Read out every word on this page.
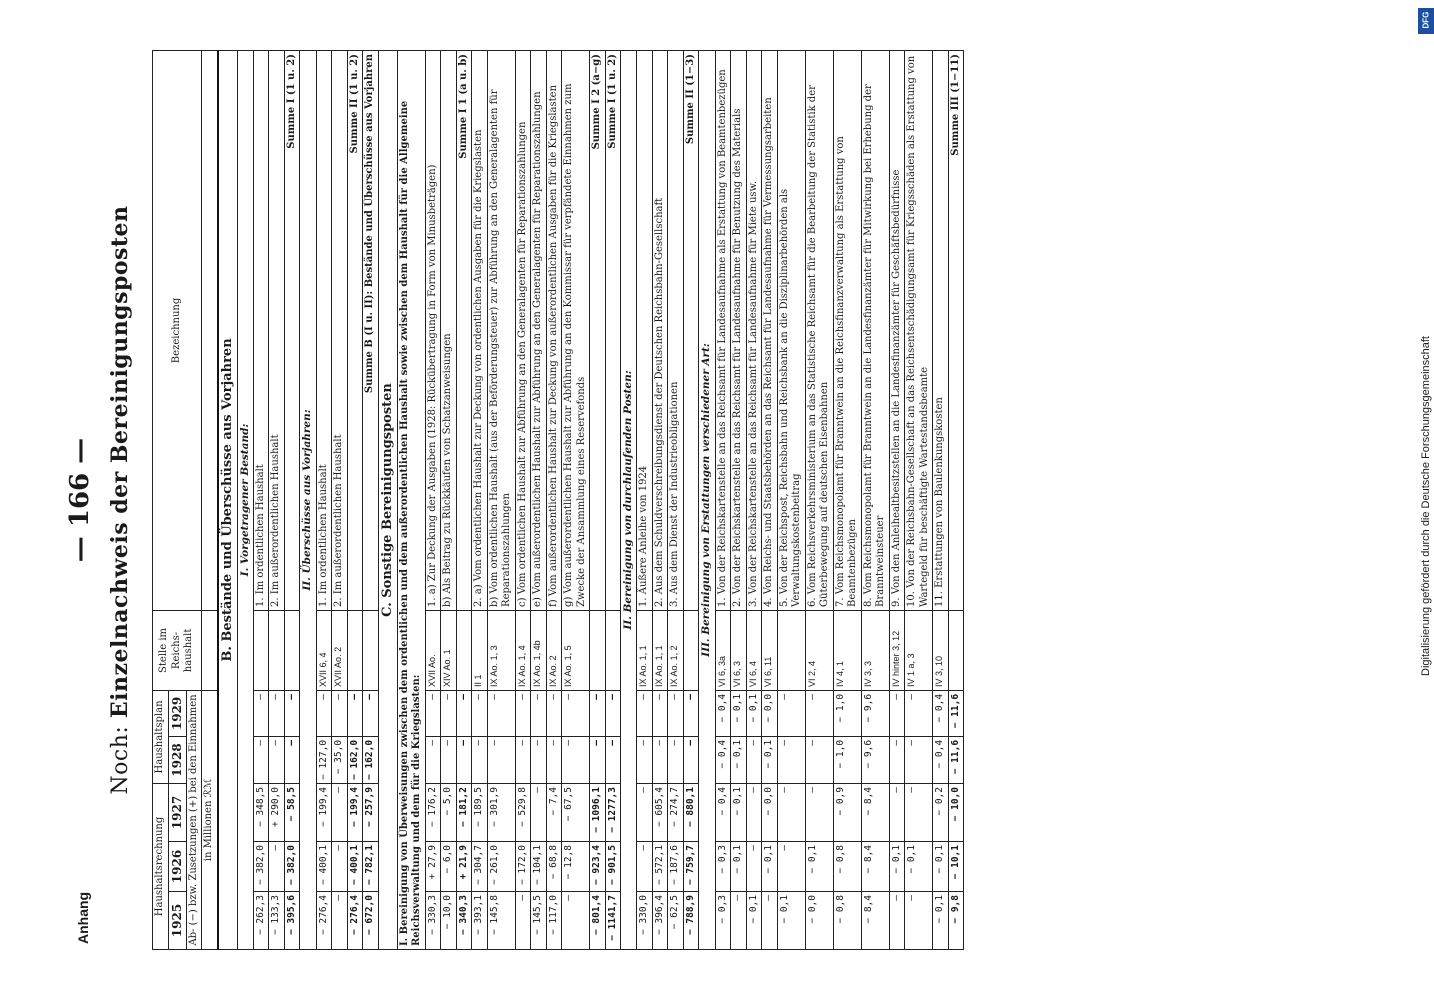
Anhang
— 166 —
Noch: Einzelnachweis der Bereinigungsposten
Haushaltsrechnung			Haushaltsplan		Stelle im Reichs-haushalt	Bezeichnung
1925	1926	1927	1928	1929		
Ab- (−) bzw. Zusetzungen (+) bei den Einnahmen						
in Millionen ℛℳ						
B. Bestände und Überschüsse aus Vorjahren						
I. Vorgetragener Bestand:						
− 262,3	− 382,0	− 348,5	—	—		1. Im ordentlichen Haushalt
− 133,3	—	+ 290,0	—	—		2. Im außerordentlichen Haushalt
− 395,6	− 382,0	− 58,5	—	—		Summe I (1 u. 2)
II. Überschüsse aus Vorjahren:						
− 276,4	− 400,1	− 199,4	− 127,0	—	XVII 6, 4	1. Im ordentlichen Haushalt
—	—	—	− 35,0	—	XVII Ao. 2	2. Im außerordentlichen Haushalt
− 276,4	− 400,1	− 199,4	− 162,0	—		Summe II (1 u. 2)
− 672,0	− 782,1	− 257,9	− 162,0	—		Summe B (I u. II): Bestände und Überschüsse aus Vorjahren
C. Sonstige Bereinigungsposten						
I. Bereinigung von Überweisungen zwischen dem ordentlichen und dem außerordentlichen Haushalt sowie zwischen dem Haushalt für die Allgemeine Reichsverwaltung und dem für die Kriegslasten:						
− 330,3	+ 27,9	− 176,2	—	—	XVII Ao.	1. a) Zur Deckung der Ausgaben (1928: Rückübertragung in Form von Minusbeträgen)
− 10,0	− 6,0	− 5,0	—	—	XIV Ao. 1	b) Als Beitrag zu Rückkäufen von Schatzanweisungen
− 340,3	+ 21,9	− 181,2	—	—		Summe I 1 (a u. b)
− 393,1	− 304,7	− 189,5	—	—	II 1	2. a) Vom ordentlichen Haushalt zur Deckung von ordentlichen Ausgaben für die Kriegslasten
− 145,8	− 261,0	− 301,9	—	—	IX Ao. 1, 3	b) Vom ordentlichen Haushalt (aus der Beförderungsteuer) zur Abführung an den Generalagenten für Reparationszahlungen
—	− 172,0	− 529,8	—	—	IX Ao. 1, 4	c) Vom ordentlichen Haushalt zur Abführung an den Generalagenten für Reparationszahlungen
− 145,5	− 104,1	—	—	—	IX Ao. 1, 4b	e) Vom außerordentlichen Haushalt zur Abführung an den Generalagenten für Reparationszahlungen
− 117,0	− 68,8	− 7,4	—	—	IX Ao. 2	f) Vom außerordentlichen Haushalt zur Deckung von außerordentlichen Ausgaben für die Kriegslasten
—	− 12,8	− 67,5	—	—	IX Ao. 1, 5	g) Vom außerordentlichen Haushalt zur Abführung an den Kommissar für verpfändete Einnahmen zum Zwecke der Ansammlung eines Reservefonds
− 801,4	− 923,4	− 1096,1	—	—		Summe I 2 (a−g)
− 1141,7	− 901,5	− 1277,3	—	—		Summe I (1 u. 2)
II. Bereinigung von durchlaufenden Posten:						
− 330,0	—	—	—	—	IX Ao. 1, 1	1. Äußere Anleihe von 1924
− 396,4	− 572,1	− 605,4	—	—	IX Ao. 1, 1	2. Aus dem Schuldverschreibungsdienst der Deutschen Reichsbahn-Gesellschaft
− 62,5	− 187,6	− 274,7	—	—	IX Ao. 1, 2	3. Aus dem Dienst der Industrieobligationen
− 788,9	− 759,7	− 880,1	—	—		Summe II (1−3)
III. Bereinigung von Erstattungen verschiedener Art:						
− 0,3	− 0,3	− 0,4	− 0,4	− 0,4	VI 6, 3a	1. Von der Reichskartenstelle an das Reichsamt für Landesaufnahme als Erstattung von Beamtenbezügen
—	− 0,1	− 0,1	− 0,1	− 0,1	VI 6, 3	2. Von der Reichskartenstelle an das Reichsamt für Landesaufnahme für Benutzung des Materials
− 0,1	—	—	—	− 0,1	VI 6, 4	3. Von der Reichskartenstelle an das Reichsamt für Landesaufnahme für Miete usw.
—	− 0,1	− 0,0	− 0,1	− 0,0	VI 6, 11	4. Von Reichs- und Staatsbehörden an das Reichsamt für Landesaufnahme für Vermessungsarbeiten
− 0,1	—	—	—	—		5. Von der Reichspost, Reichsbahn und Reichsbank an die Disziplinarbehörden als Verwaltungskostenbeitrag
− 0,0	− 0,1	—	—	—	VI 2, 4	6. Vom Reichsverkehrsministerium an das Statistische Reichsamt für die Bearbeitung der Statistik der Güterbewegung auf deutschen Eisenbahnen
− 0,8	− 0,8	− 0,9	− 1,0	− 1,0	IV 4, 1	7. Vom Reichsmonopolamt für Branntwein an die Reichsfinanzverwaltung als Erstattung von Beamtenbezügen
− 8,4	− 8,4	− 8,4	− 9,6	− 9,6	IV 3, 3	8. Vom Reichsmonopolamt für Branntwein an die Landesfinanzämter für Mitwirkung bei Erhebung der Branntweinsteuer
—	− 0,1	—	—	—	IV hinter 3, 12	9. Von den Anleihealtbesitzstellen an die Landesfinanzämter für Geschäftsbedürfnisse
—	− 0,1	—	—	—	IV 1 a, 3	10. Von der Reichsbahn-Gesellschaft an das Reichsentschädigungsamt für Kriegsschäden als Erstattung von Wartegeld für beschäftigte Wartestandsbeamte
− 0,1	− 0,1	− 0,2	− 0,4	− 0,4	IV 3, 10	11. Erstattungen von Baulenkungskosten
− 9,8	− 10,1	− 10,0	− 11,6	− 11,6		Summe III (1−11)
DFG
Digitalisierung gefördert durch die Deutsche Forschungsgemeinschaft
